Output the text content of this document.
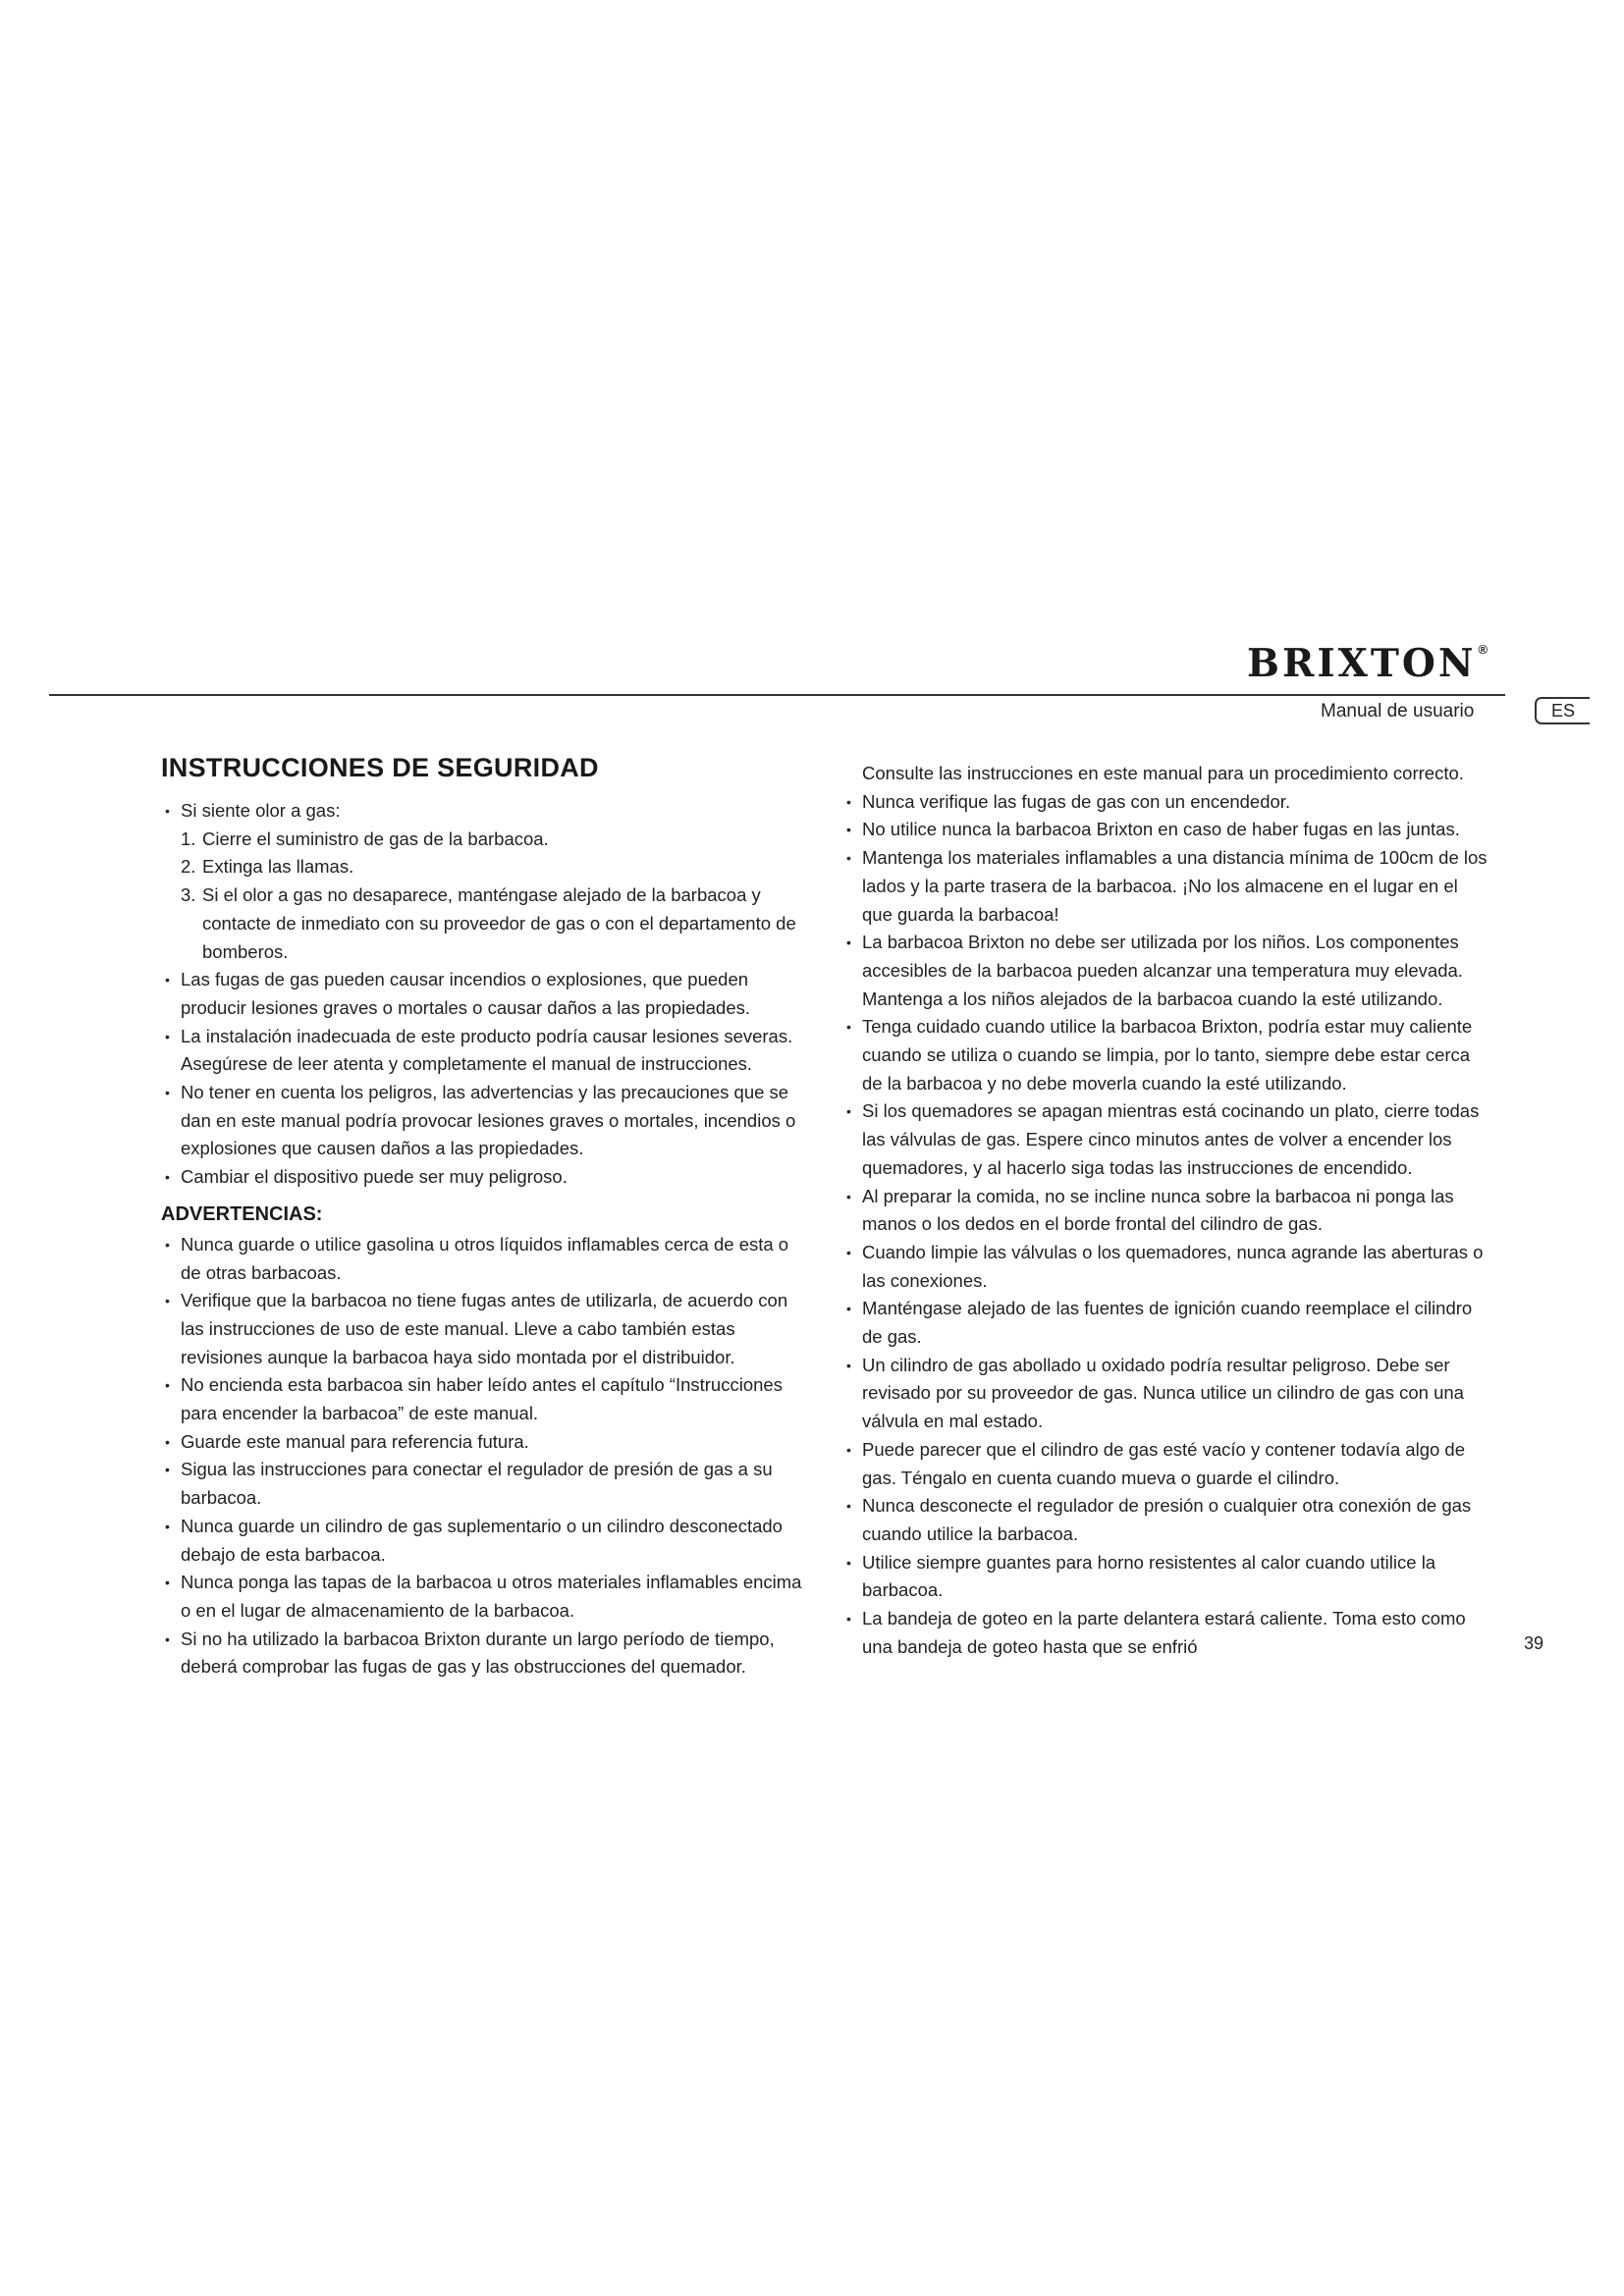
BRIXTON ®
Manual de usuario	ES
INSTRUCCIONES DE SEGURIDAD
• Si siente olor a gas:
1. Cierre el suministro de gas de la barbacoa.
2. Extinga las llamas.
3. Si el olor a gas no desaparece, manténgase alejado de la barbacoa y contacte de inmediato con su proveedor de gas o con el departamento de bomberos.
• Las fugas de gas pueden causar incendios o explosiones, que pueden producir lesiones graves o mortales o causar daños a las propiedades.
• La instalación inadecuada de este producto podría causar lesiones severas. Asegúrese de leer atenta y completamente el manual de instrucciones.
• No tener en cuenta los peligros, las advertencias y las precauciones que se dan en este manual podría provocar lesiones graves o mortales, incendios o explosiones que causen daños a las propiedades.
• Cambiar el dispositivo puede ser muy peligroso.
ADVERTENCIAS:
• Nunca guarde o utilice gasolina u otros líquidos inflamables cerca de esta o de otras barbacoas.
• Verifique que la barbacoa no tiene fugas antes de utilizarla, de acuerdo con las instrucciones de uso de este manual. Lleve a cabo también estas revisiones aunque la barbacoa haya sido montada por el distribuidor.
• No encienda esta barbacoa sin haber leído antes el capítulo “Instrucciones para encender la barbacoa” de este manual.
• Guarde este manual para referencia futura.
• Sigua las instrucciones para conectar el regulador de presión de gas a su barbacoa.
• Nunca guarde un cilindro de gas suplementario o un cilindro desconectado debajo de esta barbacoa.
• Nunca ponga las tapas de la barbacoa u otros materiales inflamables encima o en el lugar de almacenamiento de la barbacoa.
• Si no ha utilizado la barbacoa Brixton durante un largo período de tiempo, deberá comprobar las fugas de gas y las obstrucciones del quemador.
Consulte las instrucciones en este manual para un procedimiento correcto.
• Nunca verifique las fugas de gas con un encendedor.
• No utilice nunca la barbacoa Brixton en caso de haber fugas en las juntas.
• Mantenga los materiales inflamables a una distancia mínima de 100cm de los lados y la parte trasera de la barbacoa. ¡No los almacene en el lugar en el que guarda la barbacoa!
• La barbacoa Brixton no debe ser utilizada por los niños. Los componentes accesibles de la barbacoa pueden alcanzar una temperatura muy elevada. Mantenga a los niños alejados de la barbacoa cuando la esté utilizando.
• Tenga cuidado cuando utilice la barbacoa Brixton, podría estar muy caliente cuando se utiliza o cuando se limpia, por lo tanto, siempre debe estar cerca de la barbacoa y no debe moverla cuando la esté utilizando.
• Si los quemadores se apagan mientras está cocinando un plato, cierre todas las válvulas de gas. Espere cinco minutos antes de volver a encender los quemadores, y al hacerlo siga todas las instrucciones de encendido.
• Al preparar la comida, no se incline nunca sobre la barbacoa ni ponga las manos o los dedos en el borde frontal del cilindro de gas.
• Cuando limpie las válvulas o los quemadores, nunca agrande las aberturas o las conexiones.
• Manténgase alejado de las fuentes de ignición cuando reemplace el cilindro de gas.
• Un cilindro de gas abollado u oxidado podría resultar peligroso. Debe ser revisado por su proveedor de gas. Nunca utilice un cilindro de gas con una válvula en mal estado.
• Puede parecer que el cilindro de gas esté vacío y contener todavía algo de gas. Téngalo en cuenta cuando mueva o guarde el cilindro.
• Nunca desconecte el regulador de presión o cualquier otra conexión de gas cuando utilice la barbacoa.
• Utilice siempre guantes para horno resistentes al calor cuando utilice la barbacoa.
• La bandeja de goteo en la parte delantera estará caliente. Toma esto como una bandeja de goteo hasta que se enfrió	39
